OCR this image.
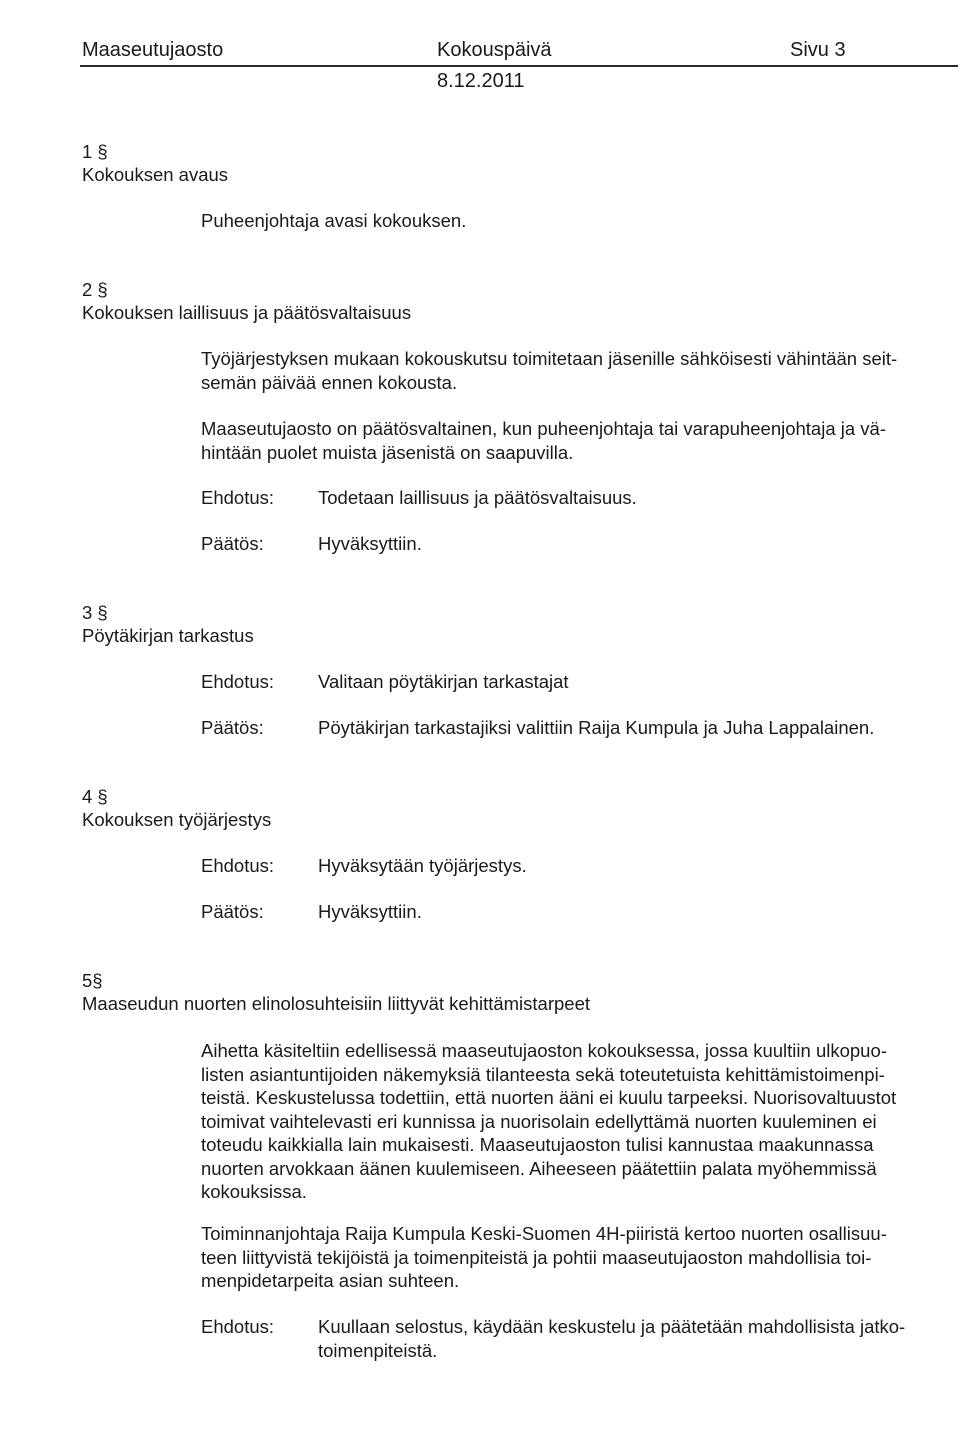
Maaseutujaosto	Kokouspäivä	Sivu 3
8.12.2011
1 §
Kokouksen avaus
Puheenjohtaja avasi kokouksen.
2 §
Kokouksen laillisuus ja päätösvaltaisuus
Työjärjestyksen mukaan kokouskutsu toimitetaan jäsenille sähköisesti vähintään seit-
semän päivää ennen kokousta.
Maaseutujaosto on päätösvaltainen, kun puheenjohtaja tai varapuheenjohtaja ja vä-
hintään puolet muista jäsenistä on saapuvilla.
Ehdotus: Todetaan laillisuus ja päätösvaltaisuus.
Päätös:	Hyväksyttiin.
3 §
Pöytäkirjan tarkastus
Ehdotus: Valitaan pöytäkirjan tarkastajat
Päätös:	Pöytäkirjan tarkastajiksi valittiin Raija Kumpula ja Juha Lappalainen.
4 §
Kokouksen työjärjestys
Ehdotus: Hyväksytään työjärjestys.
Päätös:	Hyväksyttiin.
5§
Maaseudun nuorten elinolosuhteisiin liittyvät kehittämistarpeet
Aihetta käsiteltiin edellisessä maaseutujaoston kokouksessa, jossa kuultiin ulkopuo-
listen asiantuntijoiden näkemyksiä tilanteesta sekä toteutetuista kehittämistoimenpi-
teistä. Keskustelussa todettiin, että nuorten ääni ei kuulu tarpeeksi. Nuorisovaltuustot
toimivat vaihtelevasti eri kunnissa ja nuorisolain edellyttämä nuorten kuuleminen ei
toteudu kaikkialla lain mukaisesti. Maaseutujaoston tulisi kannustaa maakunnassa
nuorten arvokkaan äänen kuulemiseen. Aiheeseen päätettiin palata myöhemmissä
kokouksissa.
Toiminnanjohtaja Raija Kumpula Keski-Suomen 4H-piiristä kertoo nuorten osallisuu-
teen liittyvistä tekijöistä ja toimenpiteistä ja pohtii maaseutujaoston mahdollisia toi-
menpidetarpeita asian suhteen.
Ehdotus: Kuullaan selostus, käydään keskustelu ja päätetään mahdollisista jatko-
toimenpiteistä.
